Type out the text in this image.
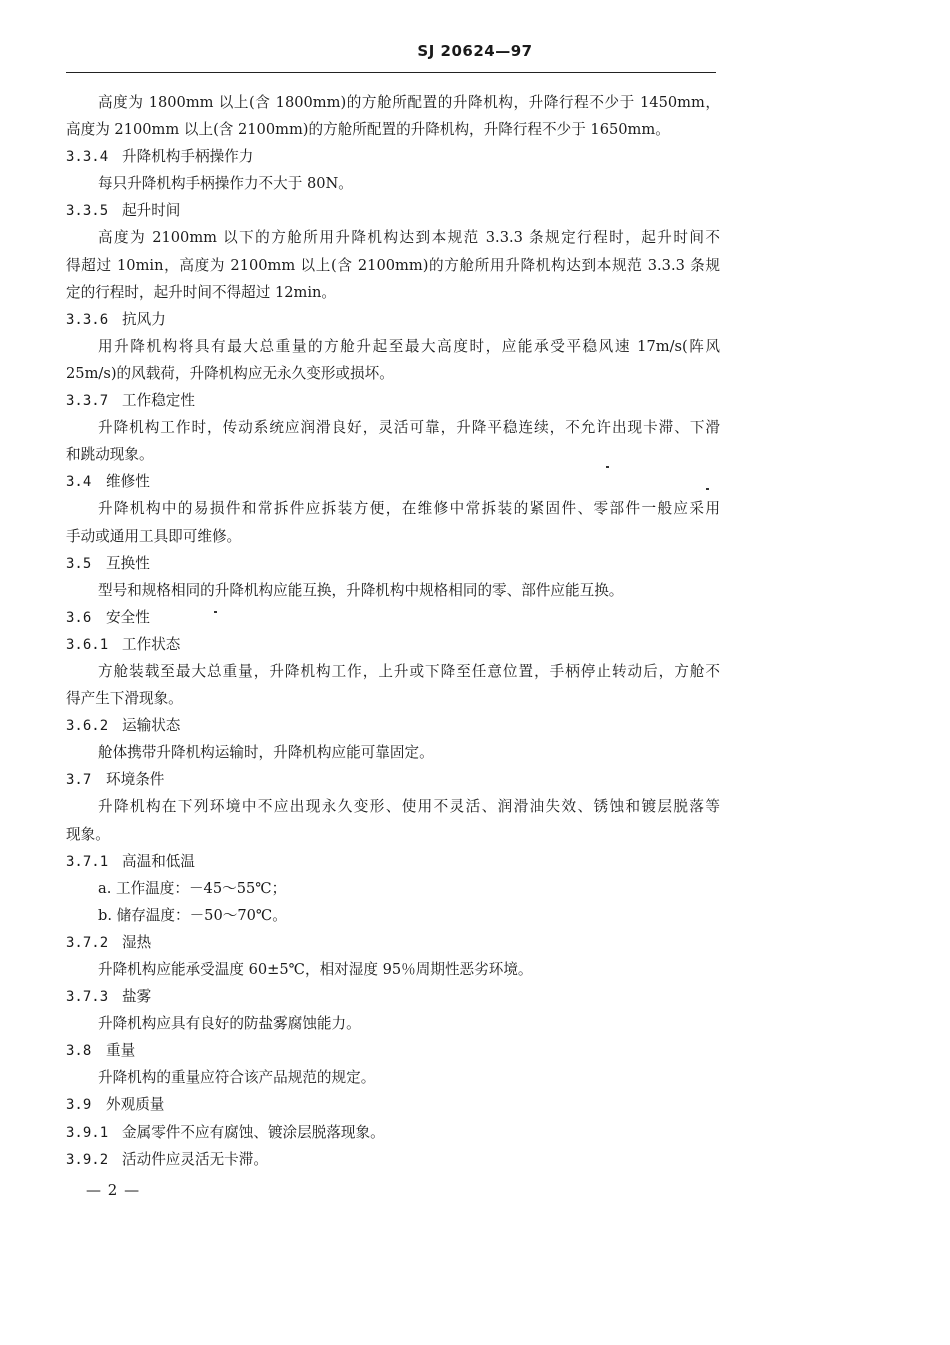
SJ 20624—97
高度为 1800mm 以上(含 1800mm)的方舱所配置的升降机构，升降行程不少于 1450mm，
高度为 2100mm 以上(含 2100mm)的方舱所配置的升降机构，升降行程不少于 1650mm。
3.3.4 升降机构手柄操作力
每只升降机构手柄操作力不大于 80N。
3.3.5 起升时间
高度为 2100mm 以下的方舱所用升降机构达到本规范 3.3.3 条规定行程时，起升时间不
得超过 10min，高度为 2100mm 以上(含 2100mm)的方舱所用升降机构达到本规范 3.3.3 条规
定的行程时，起升时间不得超过 12min。
3.3.6 抗风力
用升降机构将具有最大总重量的方舱升起至最大高度时，应能承受平稳风速 17m/s(阵风
25m/s)的风载荷，升降机构应无永久变形或损坏。
3.3.7 工作稳定性
升降机构工作时，传动系统应润滑良好，灵活可靠，升降平稳连续，不允许出现卡滞、下滑
和跳动现象。
3.4 维修性
升降机构中的易损件和常拆件应拆装方便，在维修中常拆装的紧固件、零部件一般应采用
手动或通用工具即可维修。
3.5 互换性
型号和规格相同的升降机构应能互换，升降机构中规格相同的零、部件应能互换。
3.6 安全性
3.6.1 工作状态
方舱装载至最大总重量，升降机构工作，上升或下降至任意位置，手柄停止转动后，方舱不
得产生下滑现象。
3.6.2 运输状态
舱体携带升降机构运输时，升降机构应能可靠固定。
3.7 环境条件
升降机构在下列环境中不应出现永久变形、使用不灵活、润滑油失效、锈蚀和镀层脱落等
现象。
3.7.1 高温和低温
a. 工作温度：－45～55℃；
b. 储存温度：－50～70℃。
3.7.2 湿热
升降机构应能承受温度 60±5℃，相对湿度 95％周期性恶劣环境。
3.7.3 盐雾
升降机构应具有良好的防盐雾腐蚀能力。
3.8 重量
升降机构的重量应符合该产品规范的规定。
3.9 外观质量
3.9.1 金属零件不应有腐蚀、镀涂层脱落现象。
3.9.2 活动件应灵活无卡滞。
— 2 —
